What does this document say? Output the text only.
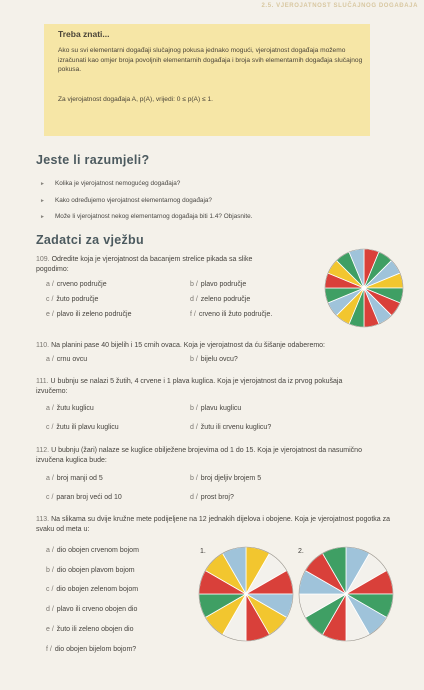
2.5. VJEROJATNOST SLUČAJNOG DOGAĐAJA
Treba znati...
Ako su svi elementarni događaji slučajnog pokusa jednako mogući, vjerojatnost događaja možemo izračunati kao omjer broja povoljnih elementarnih događaja i broja svih elementarnih događaja slučajnog pokusa.
Za vjerojatnost događaja A, p(A), vrijedi: 0 ≤ p(A) ≤ 1.
Jeste li razumjeli?
► Kolika je vjerojatnost nemogućeg događaja?
► Kako određujemo vjerojatnost elementarnog događaja?
► Može li vjerojatnost nekog elementarnog događaja biti 1.4? Objasnite.
Zadatci za vježbu
109. Odredite koja je vjerojatnost da bacanjem strelice pikada sa slike pogodimo:
a / crveno područje	b / plavo područje
c / žuto područje	d / zeleno područje
e / plavo ili zeleno područje	f / crveno ili žuto područje.
110. Na planini pase 40 bijelih i 15 crnih ovaca. Koja je vjerojatnost da ću šišanje odaberemo:
a / crnu ovcu	b / bijelu ovcu?
111. U bubnju se nalazi 5 žutih, 4 crvene i 1 plava kuglica. Koja je vjerojatnost da iz prvog pokušaja izvučemo:
a / žutu kuglicu	b / plavu kuglicu
c / žutu ili plavu kuglicu	d / žutu ili crvenu kuglicu?
112. U bubnju (žari) nalaze se kuglice obilježene brojevima od 1 do 15. Koja je vjerojatnost da nasumično izvučena kuglica bude:
a / broj manji od 5	b / broj djeljiv brojem 5
c / paran broj veći od 10	d / prost broj?
113. Na slikama su dvije kružne mete podijeljene na 12 jednakih dijelova i obojene. Koja je vjerojatnost pogotka za svaku od meta u:
a / dio obojen crvenom bojom
b / dio obojen plavom bojom
c / dio obojen zelenom bojom
d / plavo ili crveno obojen dio
e / žuto ili zeleno obojen dio
f / dio obojen bijelom bojom?
1.	2.
